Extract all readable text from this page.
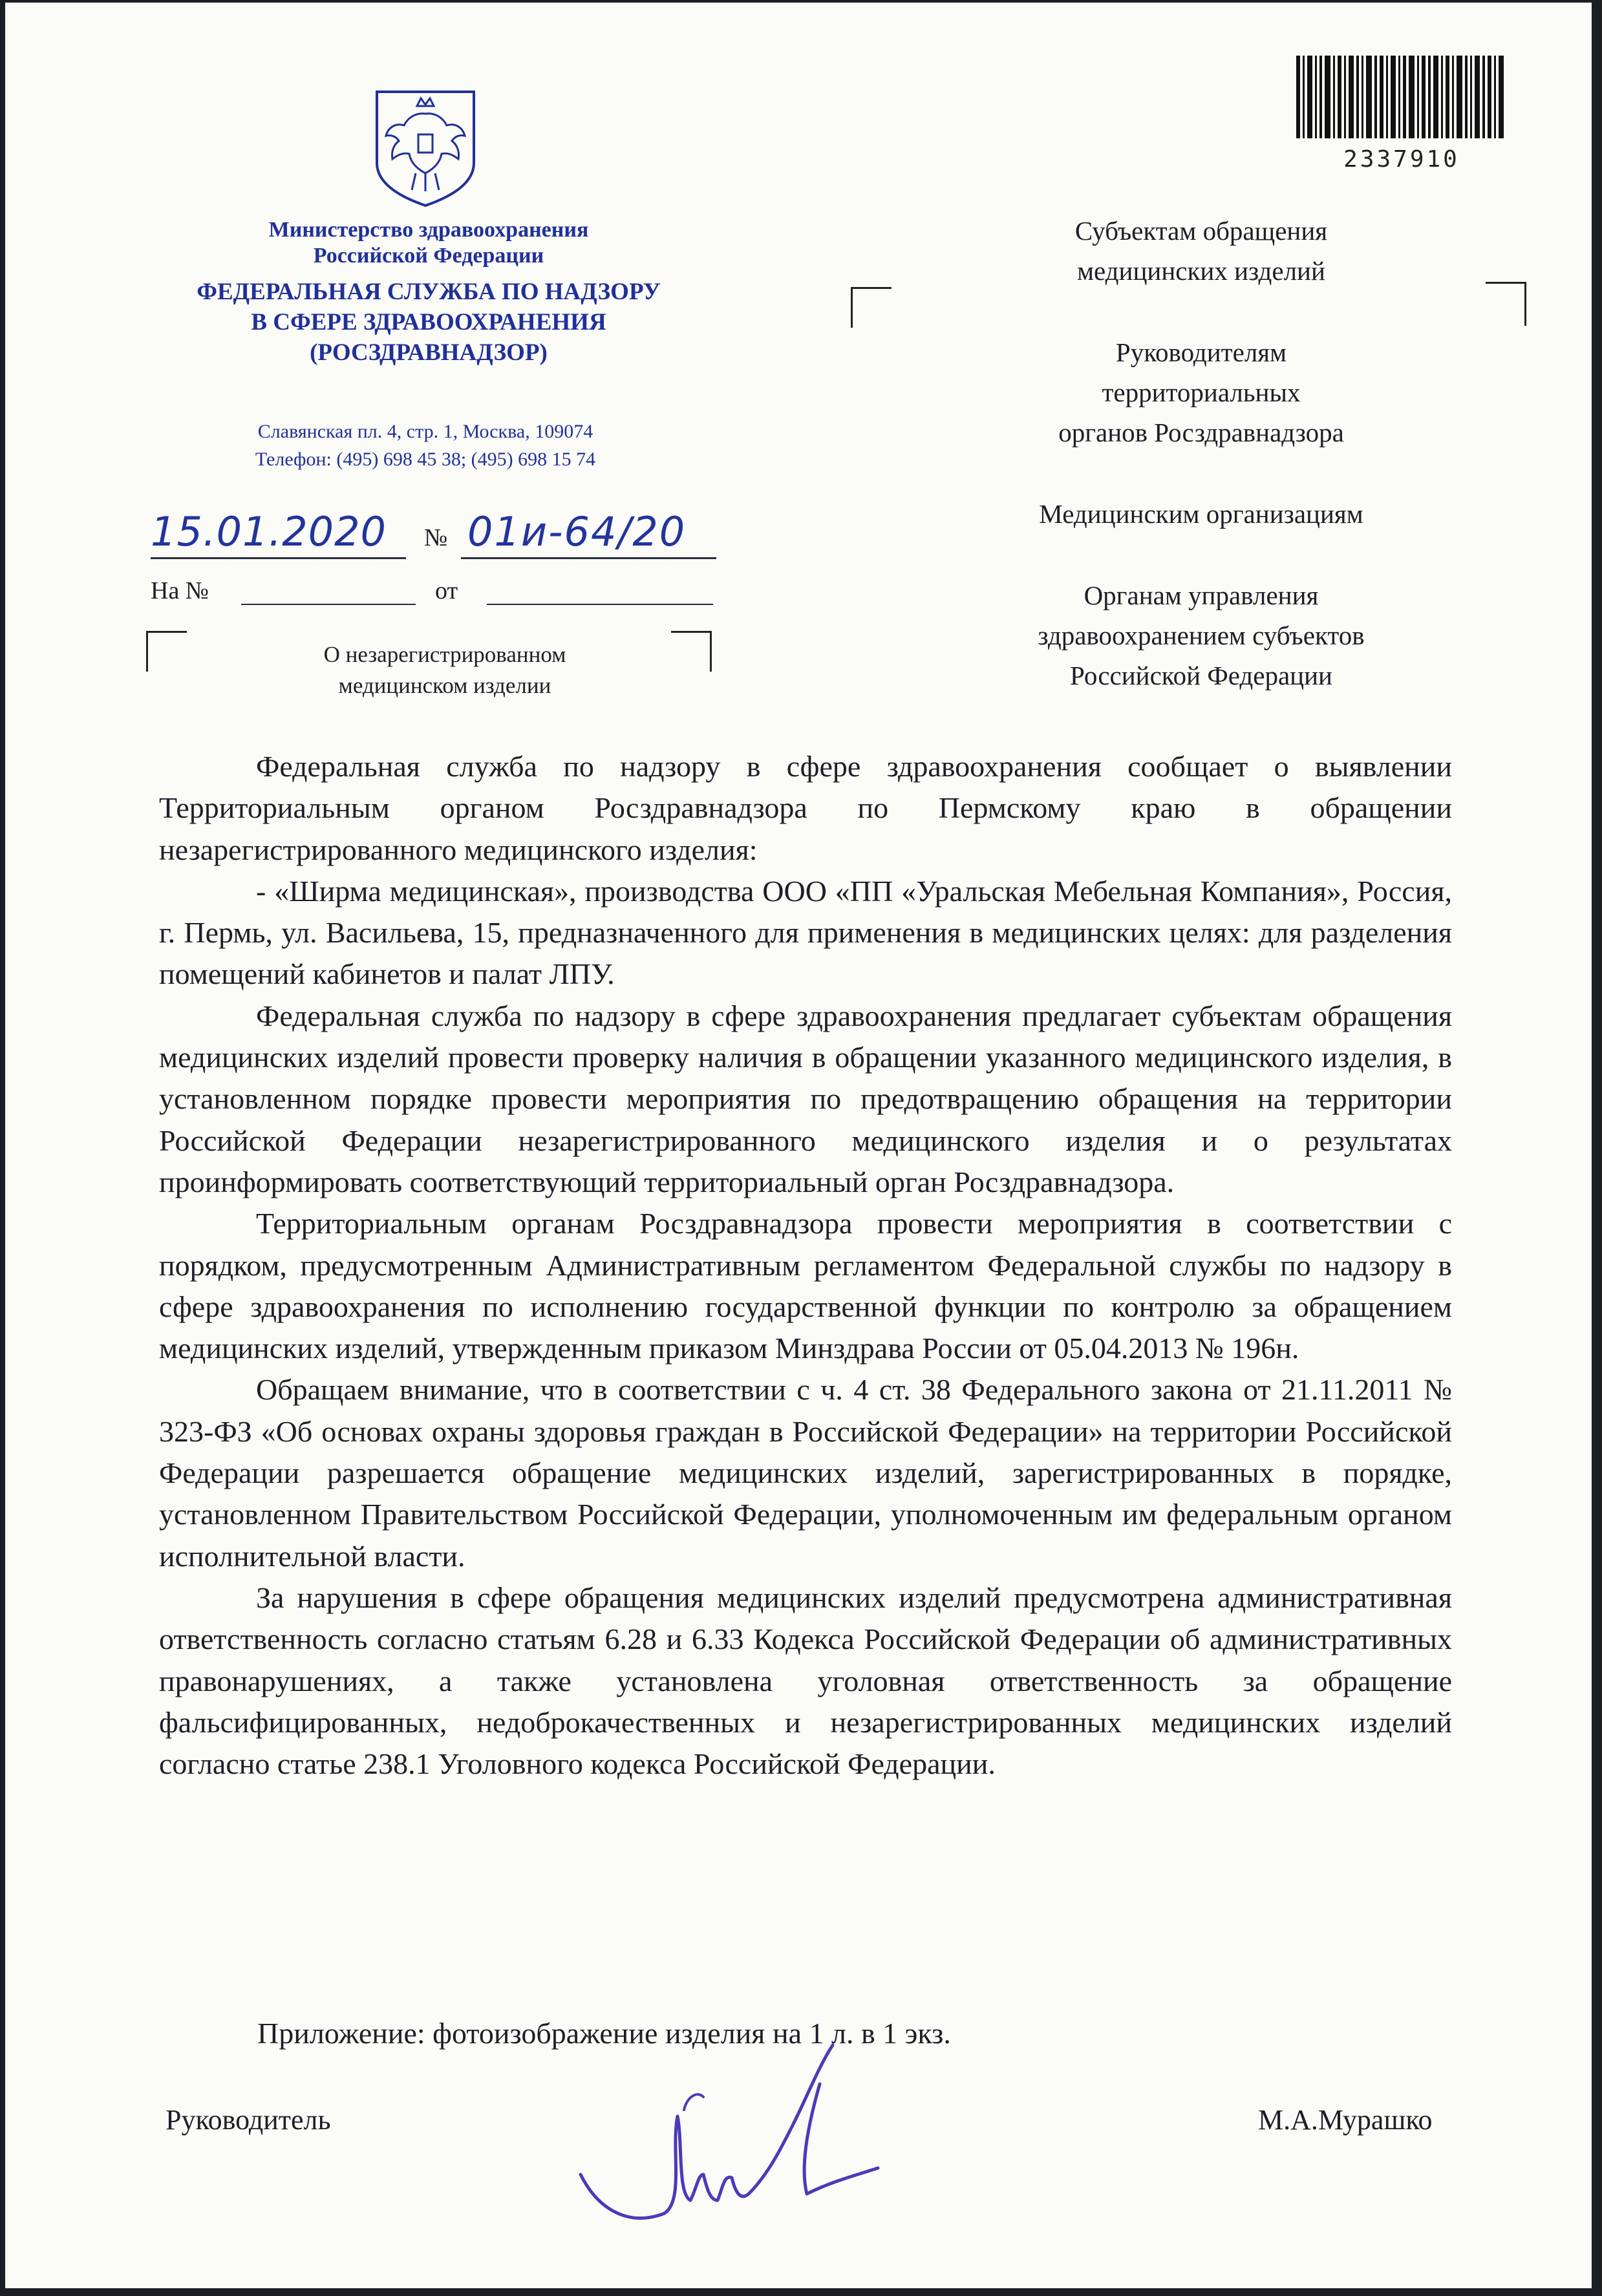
2337910
Министерство здравоохранения
Российской Федерации
ФЕДЕРАЛЬНАЯ СЛУЖБА ПО НАДЗОРУ
В СФЕРЕ ЗДРАВООХРАНЕНИЯ
(РОСЗДРАВНАДЗОР)
Славянская пл. 4, стр. 1, Москва, 109074
Телефон: (495) 698 45 38; (495) 698 15 74
15.01.2020 № 01и-64/20
На №	от
О незарегистрированном
медицинском изделии

Субъектам обращения
медицинских изделий

Руководителям
территориальных
органов Росздравнадзора

Медицинским организациям

Органам управления
здравоохранением субъектов
Российской Федерации

Федеральная служба по надзору в сфере здравоохранения сообщает о выявлении Территориальным органом Росздравнадзора по Пермскому краю в обращении незарегистрированного медицинского изделия:

- «Ширма медицинская», производства ООО «ПП «Уральская Мебельная Компания», Россия, г. Пермь, ул. Васильева, 15, предназначенного для применения в медицинских целях: для разделения помещений кабинетов и палат ЛПУ.

Федеральная служба по надзору в сфере здравоохранения предлагает субъектам обращения медицинских изделий провести проверку наличия в обращении указанного медицинского изделия, в установленном порядке провести мероприятия по предотвращению обращения на территории Российской Федерации незарегистрированного медицинского изделия и о результатах проинформировать соответствующий территориальный орган Росздравнадзора.

Территориальным органам Росздравнадзора провести мероприятия в соответствии с порядком, предусмотренным Административным регламентом Федеральной службы по надзору в сфере здравоохранения по исполнению государственной функции по контролю за обращением медицинских изделий, утвержденным приказом Минздрава России от 05.04.2013 № 196н.

Обращаем внимание, что в соответствии с ч. 4 ст. 38 Федерального закона от 21.11.2011 № 323-ФЗ «Об основах охраны здоровья граждан в Российской Федерации» на территории Российской Федерации разрешается обращение медицинских изделий, зарегистрированных в порядке, установленном Правительством Российской Федерации, уполномоченным им федеральным органом исполнительной власти.

За нарушения в сфере обращения медицинских изделий предусмотрена административная ответственность согласно статьям 6.28 и 6.33 Кодекса Российской Федерации об административных правонарушениях, а также установлена уголовная ответственность за обращение фальсифицированных, недоброкачественных и незарегистрированных медицинских изделий согласно статье 238.1 Уголовного кодекса Российской Федерации.

Приложение: фотоизображение изделия на 1 л. в 1 экз.
Руководитель	М.А.Мурашко
